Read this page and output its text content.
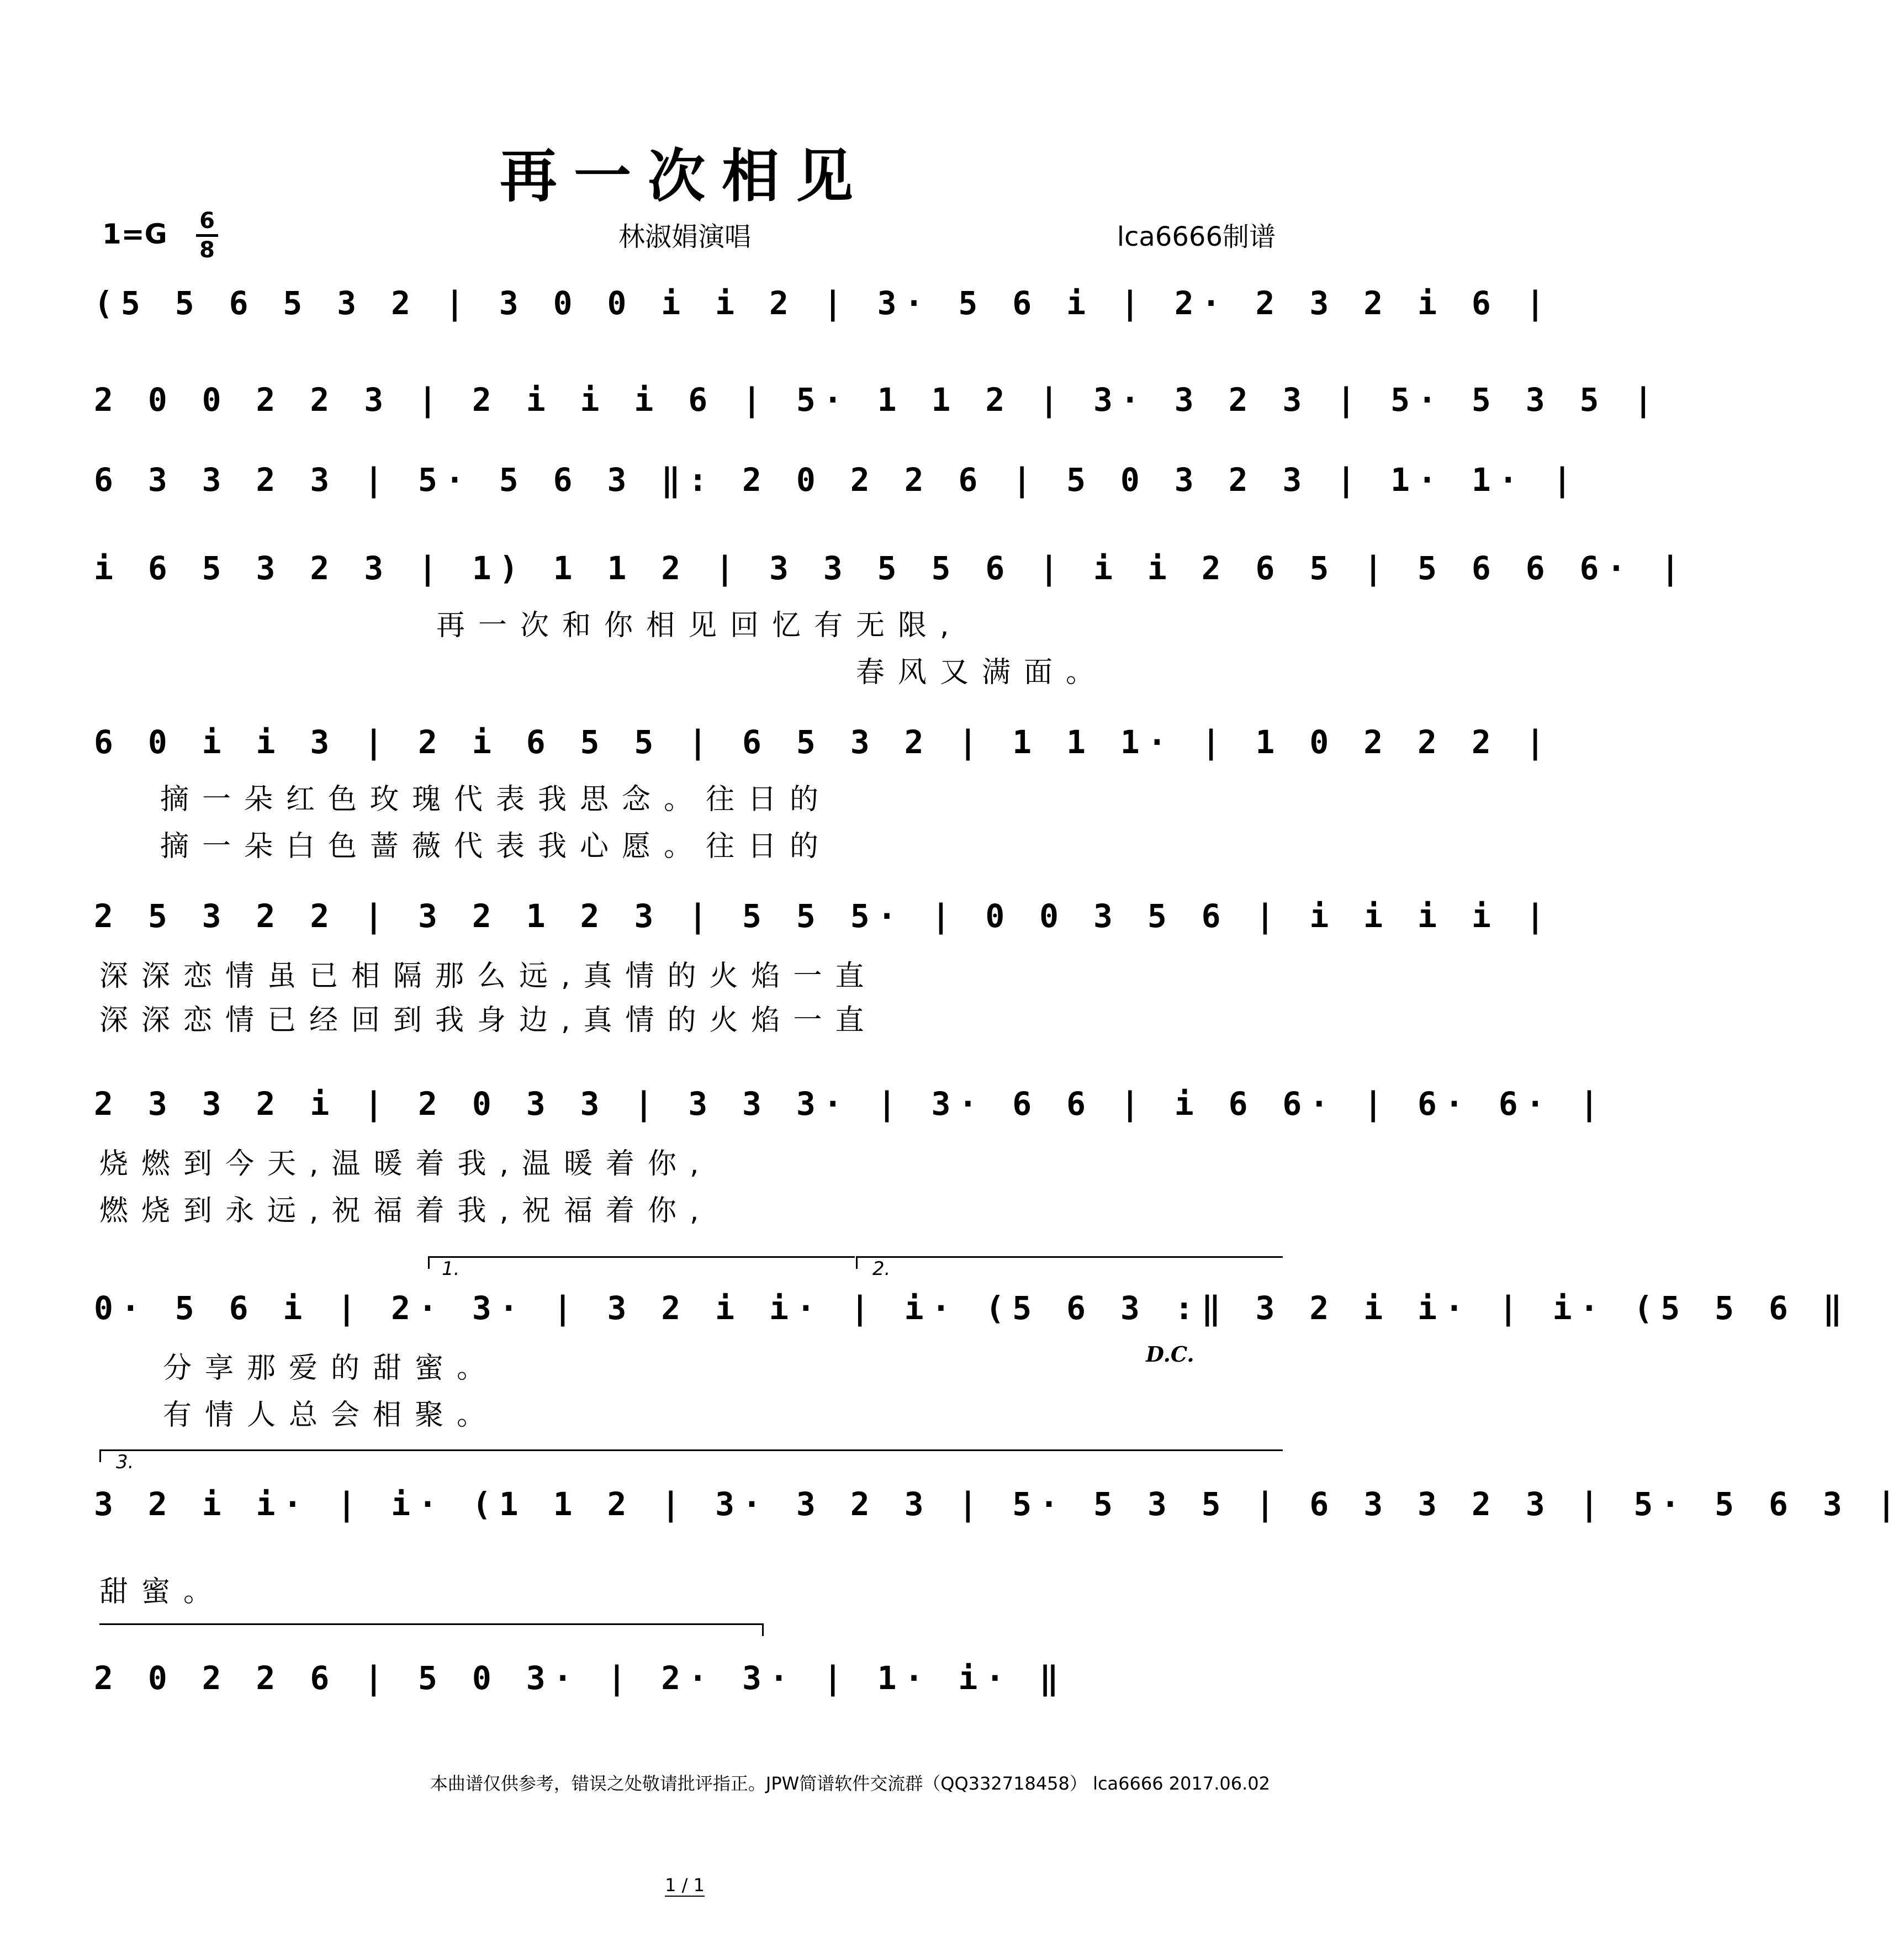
再一次相见
1=G 6
8	林淑娟演唱	lca6666制谱
(5 5 6 5 3 2 | 3 0 0 i i 2 | 3· 5 6 i | 2· 2 3 2 i 6 |
2 0 0 2 2 3 | 2 i i i 6 | 5· 1 1 2 | 3· 3 2 3 | 5· 5 3 5 |
6 3 3 2 3 | 5· 5 6 3 ‖: 2 0 2 2 6 | 5 0 3 2 3 | 1· 1· |
i 6 5 3 2 3 | 1) 1 1 2 | 3 3 5 5 6 | i i 2 6 5 | 5 6 6 6· |
再一次和你相见回忆有无限,
春风又满面。
6 0 i i 3 | 2 i 6 5 5 | 6 5 3 2 | 1 1 1· | 1 0 2 2 2 |
摘一朵红色玫瑰代表我思念。往日的
摘一朵白色蔷薇代表我心愿。往日的
2 5 3 2 2 | 3 2 1 2 3 | 5 5 5· | 0 0 3 5 6 | i i i i |
深深恋情虽已相隔那么远,真情的火焰一直
深深恋情已经回到我身边,真情的火焰一直
2 3 3 2 i | 2 0 3 3 | 3 3 3· | 3· 6 6 | i 6 6· | 6· 6· |
烧燃到今天,温暖着我,温暖着你,
燃烧到永远,祝福着我,祝福着你,
1.	2.
0· 5 6 i | 2· 3· | 3 2 i i· | i· (5 6 3 :‖ 3 2 i i· | i· (5 5 6 ‖
分享那爱的甜蜜。	D.C.
有情人总会相聚。
3.
3 2 i i· | i· (1 1 2 | 3· 3 2 3 | 5· 5 3 5 | 6 3 3 2 3 | 5· 5 6 3 |
甜蜜。
2 0 2 2 6 | 5 0 3· | 2· 3· | 1· i· ‖
本曲谱仅供参考，错误之处敬请批评指正。JPW简谱软件交流群（QQ332718458） lca6666 2017.06.02
1 / 1
